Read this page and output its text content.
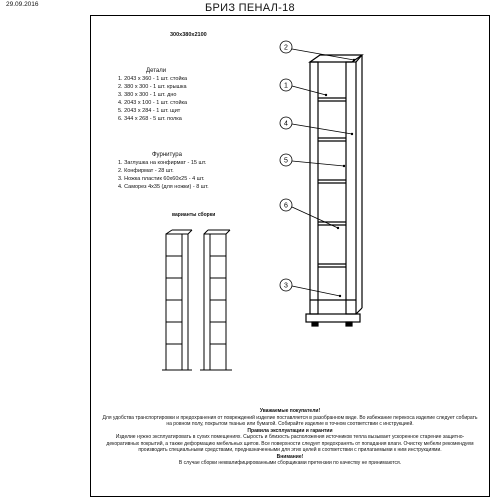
29.09.2016	БРИЗ ПЕНАЛ-18
300х380х2100
Детали
1. 2043 х 360 - 1 шт. стойка
2. 380 х 300 - 1 шт. крышка
3. 380 х 300 - 1 шт. дно
4. 2043 х 100 - 1 шт. стойка
5. 2043 х 284 - 1 шт. щит
6. 344 х 268 - 5 шт. полка
Фурнитура
1. Заглушка на конфирмат - 15 шт.
2. Конфирмат - 28 шт.
3. Ножка пластик 60х60х25 - 4 шт.
4. Саморез 4х35 (для ножки) - 8 шт.
варианты сборки
2
1
4
5
6
3
Уважаемые покупатели!
Для удобства транспортировки и предохранения от повреждений изделие поставляется в разобранном виде. Во избежание перекоса изделие следует собирать на ровном полу, покрытом тканью или бумагой. Собирайте изделие в точном соответствии с инструкцией.
Правила эксплуатации и гарантии
Изделие нужно эксплуатировать в сухих помещениях. Сырость и близость расположения источников тепла вызывает ускоренное старение защитно-декоративных покрытий, а также деформацию мебельных щитов. Все поверхности следует предохранять от попадания влаги. Очистку мебели рекомендуем производить специальными средствами, предназначенными для этих целей в соответствии с прилагаемыми к ним инструкциями.
Внимание!
В случае сборки неквалифицированными сборщиками претензии по качеству не принимаются.
